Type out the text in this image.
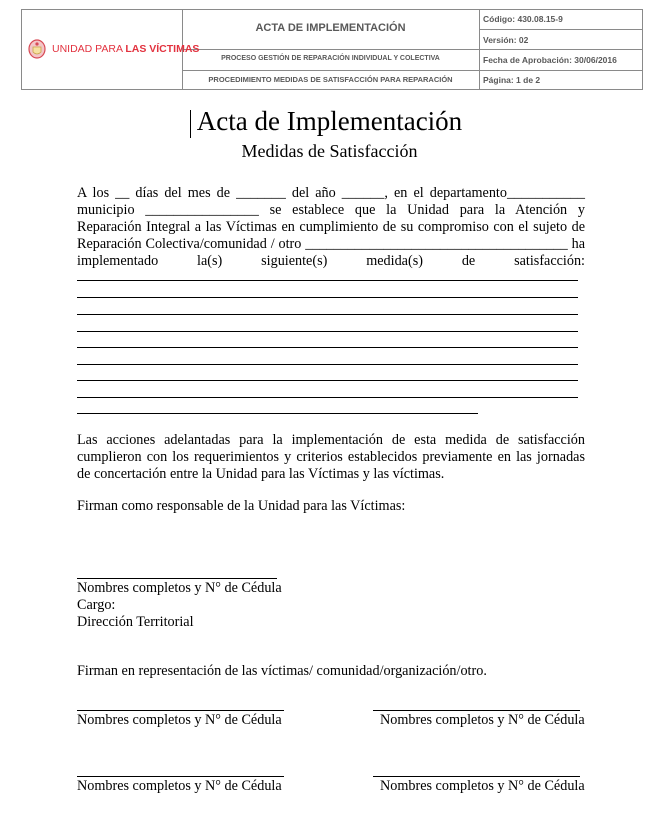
UNIDAD PARA LAS VÍCTIMAS
ACTA DE IMPLEMENTACIÓN
PROCESO GESTIÓN DE REPARACIÓN INDIVIDUAL Y COLECTIVA
PROCEDIMIENTO MEDIDAS DE SATISFACCIÓN PARA REPARACIÓN
Código: 430.08.15-9
Versión: 02
Fecha de Aprobación: 30/06/2016
Página: 1 de 2
Acta de Implementación
Medidas de Satisfacción
A los __ días del mes de _______ del año ______, en el departamento___________
municipio ________________ se establece que la Unidad para la Atención y
Reparación Integral a las Víctimas en cumplimiento de su compromiso con el sujeto de
Reparación Colectiva/comunidad / otro _____________________________________ ha
implementado la(s) siguiente(s) medida(s) de satisfacción:
Las acciones adelantadas para la implementación de esta medida de satisfacción
cumplieron con los requerimientos y criterios establecidos previamente en las jornadas
de concertación entre la Unidad para las Víctimas y las víctimas.
Firman como responsable de la Unidad para las Víctimas:
Nombres completos y N° de Cédula
Cargo:
Dirección Territorial
Firman en representación de las víctimas/ comunidad/organización/otro.
Nombres completos y N° de Cédula	Nombres completos y N° de Cédula
Nombres completos y N° de Cédula	Nombres completos y N° de Cédula
